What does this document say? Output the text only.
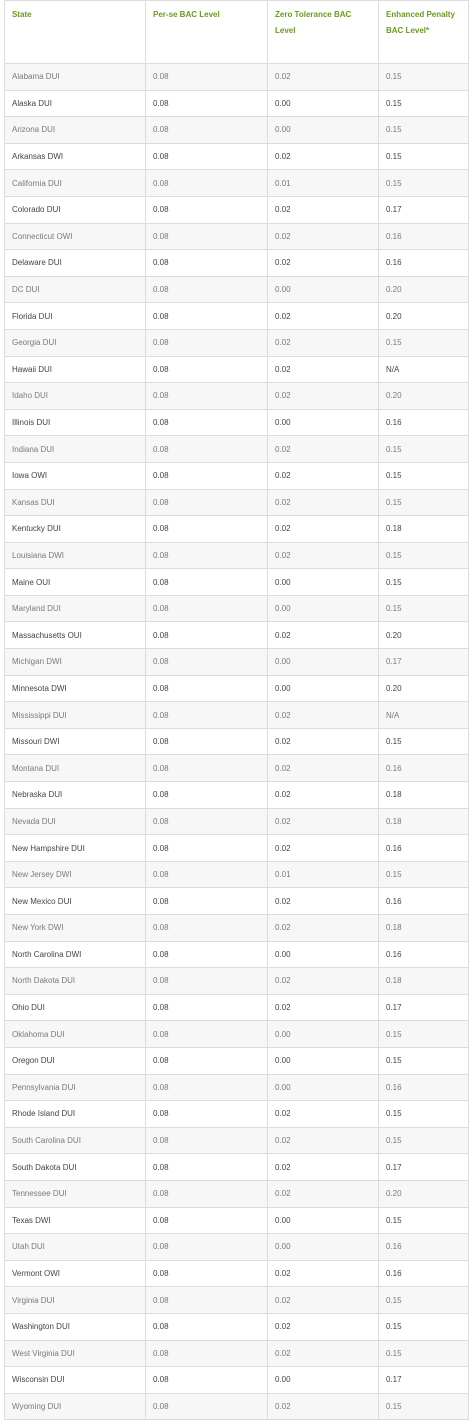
State	Per-se BAC Level	Zero Tolerance BAC Level	Enhanced Penalty BAC Level*
Alabama DUI	0.08	0.02	0.15
Alaska DUI	0.08	0.00	0.15
Arizona DUI	0.08	0.00	0.15
Arkansas DWI	0.08	0.02	0.15
California DUI	0.08	0.01	0.15
Colorado DUI	0.08	0.02	0.17
Connecticut OWI	0.08	0.02	0.16
Delaware DUI	0.08	0.02	0.16
DC DUI	0.08	0.00	0.20
Florida DUI	0.08	0.02	0.20
Georgia DUI	0.08	0.02	0.15
Hawaii DUI	0.08	0.02	N/A
Idaho DUI	0.08	0.02	0.20
Illinois DUI	0.08	0.00	0.16
Indiana DUI	0.08	0.02	0.15
Iowa OWI	0.08	0.02	0.15
Kansas DUI	0.08	0.02	0.15
Kentucky DUI	0.08	0.02	0.18
Louisiana DWI	0.08	0.02	0.15
Maine OUI	0.08	0.00	0.15
Maryland DUI	0.08	0.00	0.15
Massachusetts OUI	0.08	0.02	0.20
Michigan DWI	0.08	0.00	0.17
Minnesota DWI	0.08	0.00	0.20
Mississippi DUI	0.08	0.02	N/A
Missouri DWI	0.08	0.02	0.15
Montana DUI	0.08	0.02	0.16
Nebraska DUI	0.08	0.02	0.18
Nevada DUI	0.08	0.02	0.18
New Hampshire DUI	0.08	0.02	0.16
New Jersey DWI	0.08	0.01	0.15
New Mexico DUI	0.08	0.02	0.16
New York DWI	0.08	0.02	0.18
North Carolina DWI	0.08	0.00	0.16
North Dakota DUI	0.08	0.02	0.18
Ohio DUI	0.08	0.02	0.17
Oklahoma DUI	0.08	0.00	0.15
Oregon DUI	0.08	0.00	0.15
Pennsylvania DUI	0.08	0.00	0.16
Rhode Island DUI	0.08	0.02	0.15
South Carolina DUI	0.08	0.02	0.15
South Dakota DUI	0.08	0.02	0.17
Tennessee DUI	0.08	0.02	0.20
Texas DWI	0.08	0.00	0.15
Utah DUI	0.08	0.00	0.16
Vermont OWI	0.08	0.02	0.16
Virginia DUI	0.08	0.02	0.15
Washington DUI	0.08	0.02	0.15
West Virginia DUI	0.08	0.02	0.15
Wisconsin DUI	0.08	0.00	0.17
Wyoming DUI	0.08	0.02	0.15
